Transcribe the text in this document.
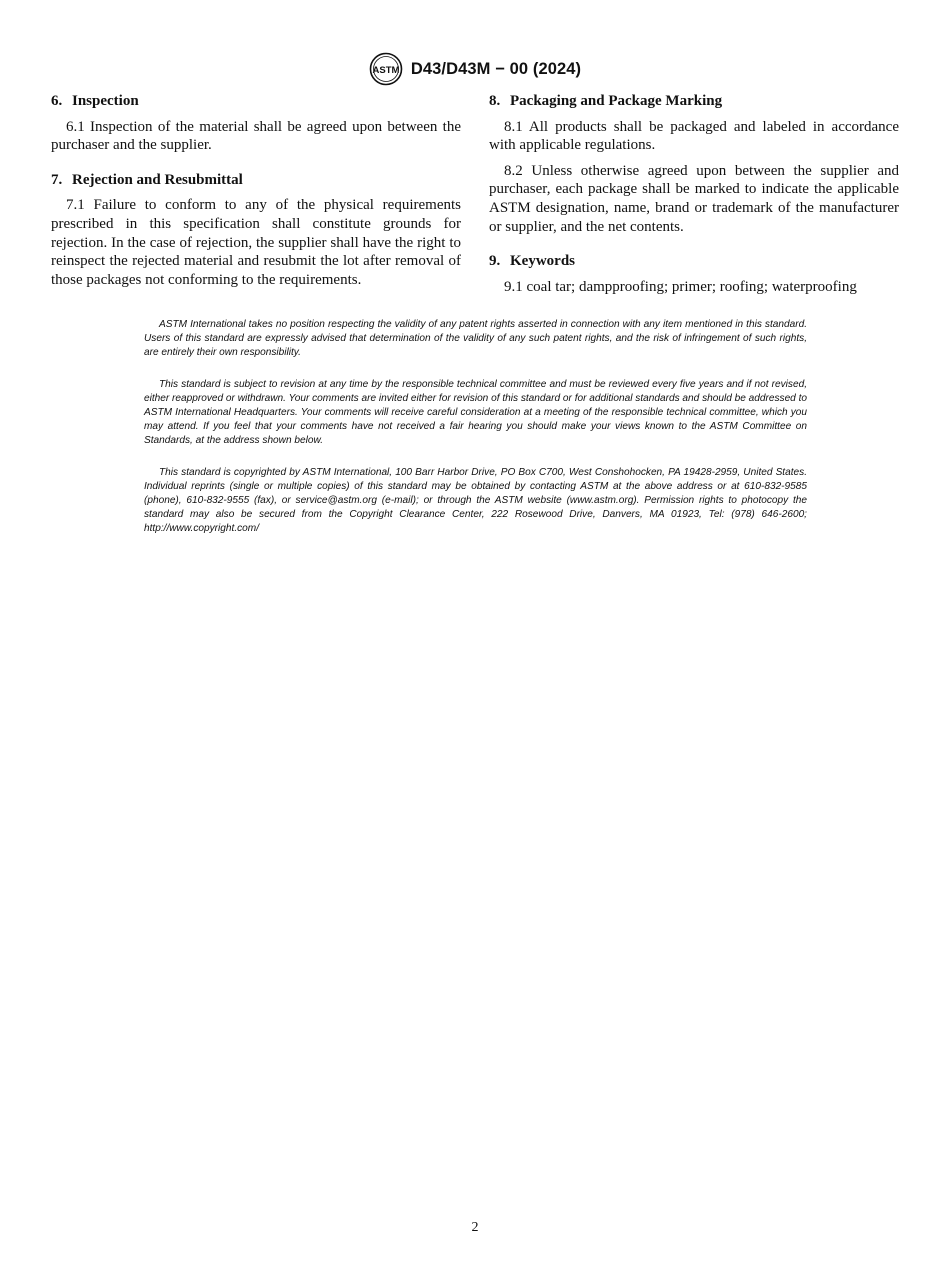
ASTM D43/D43M − 00 (2024)
6. Inspection

6.1 Inspection of the material shall be agreed upon between the purchaser and the supplier.

7. Rejection and Resubmittal

7.1 Failure to conform to any of the physical requirements prescribed in this specification shall constitute grounds for rejection. In the case of rejection, the supplier shall have the right to reinspect the rejected material and resubmit the lot after removal of those packages not conforming to the requirements.

8. Packaging and Package Marking

8.1 All products shall be packaged and labeled in accordance with applicable regulations.

8.2 Unless otherwise agreed upon between the supplier and purchaser, each package shall be marked to indicate the applicable ASTM designation, name, brand or trademark of the manufacturer or supplier, and the net contents.

9. Keywords

9.1 coal tar; dampproofing; primer; roofing; waterproofing

ASTM International takes no position respecting the validity of any patent rights asserted in connection with any item mentioned in this standard. Users of this standard are expressly advised that determination of the validity of any such patent rights, and the risk of infringement of such rights, are entirely their own responsibility.

This standard is subject to revision at any time by the responsible technical committee and must be reviewed every five years and if not revised, either reapproved or withdrawn. Your comments are invited either for revision of this standard or for additional standards and should be addressed to ASTM International Headquarters. Your comments will receive careful consideration at a meeting of the responsible technical committee, which you may attend. If you feel that your comments have not received a fair hearing you should make your views known to the ASTM Committee on Standards, at the address shown below.

This standard is copyrighted by ASTM International, 100 Barr Harbor Drive, PO Box C700, West Conshohocken, PA 19428-2959, United States. Individual reprints (single or multiple copies) of this standard may be obtained by contacting ASTM at the above address or at 610-832-9585 (phone), 610-832-9555 (fax), or service@astm.org (e-mail); or through the ASTM website (www.astm.org). Permission rights to photocopy the standard may also be secured from the Copyright Clearance Center, 222 Rosewood Drive, Danvers, MA 01923, Tel: (978) 646-2600; http://www.copyright.com/

2
